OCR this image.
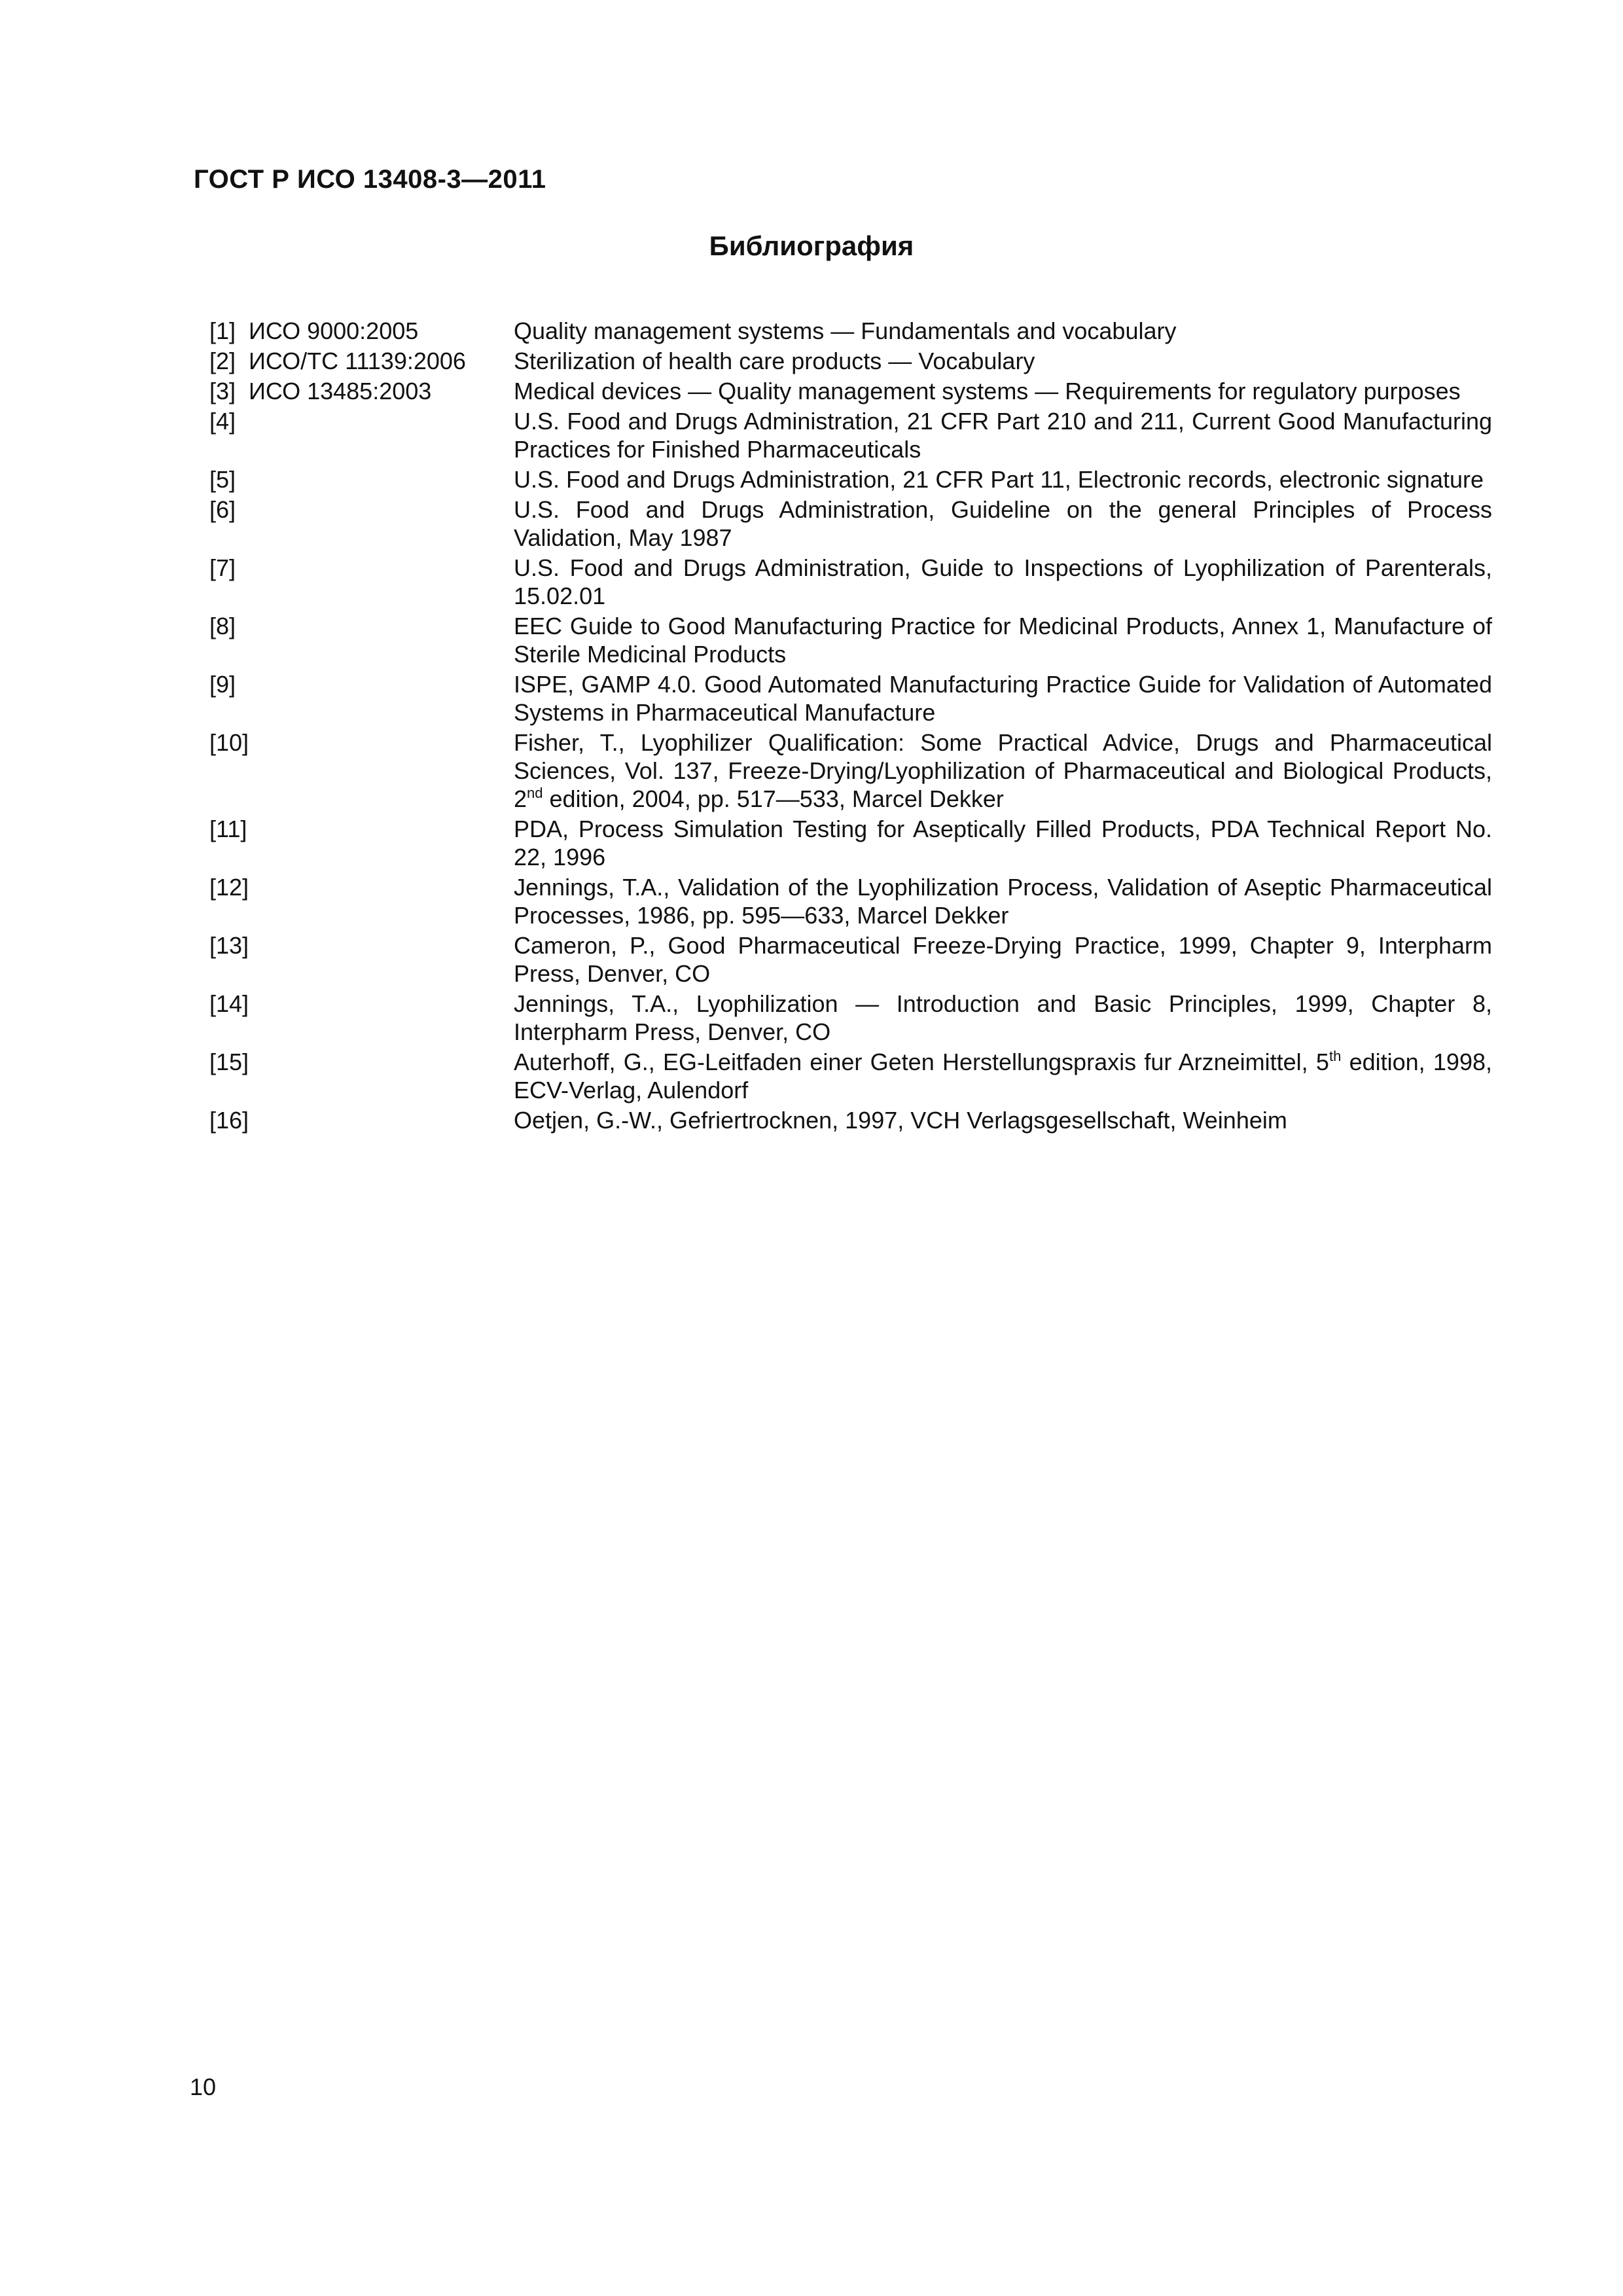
ГОСТ Р ИСО 13408-3—2011
Библиография
[1] ИСО 9000:2005	Quality management systems — Fundamentals and vocabulary
[2] ИСО/ТС 11139:2006	Sterilization of health care products — Vocabulary
[3] ИСО 13485:2003	Medical devices — Quality management systems — Requirements for regulatory purposes
[4]	U.S. Food and Drugs Administration, 21 CFR Part 210 and 211, Current Good Manufacturing Practices for Finished Pharmaceuticals
[5]	U.S. Food and Drugs Administration, 21 CFR Part 11, Electronic records, electronic signature
[6]	U.S. Food and Drugs Administration, Guideline on the general Principles of Process Validation, May 1987
[7]	U.S. Food and Drugs Administration, Guide to Inspections of Lyophilization of Parenterals, 15.02.01
[8]	EEC Guide to Good Manufacturing Practice for Medicinal Products, Annex 1, Manufacture of Sterile Medicinal Products
[9]	ISPE, GAMP 4.0. Good Automated Manufacturing Practice Guide for Validation of Automated Systems in Pharmaceutical Manufacture
[10]	Fisher, T., Lyophilizer Qualification: Some Practical Advice, Drugs and Pharmaceutical Sciences, Vol. 137, Freeze-Drying/Lyophilization of Pharmaceutical and Biological Products, 2nd edition, 2004, pp. 517—533, Marcel Dekker
[11]	PDA, Process Simulation Testing for Aseptically Filled Products, PDA Technical Report No. 22, 1996
[12]	Jennings, T.A., Validation of the Lyophilization Process, Validation of Aseptic Pharmaceutical Processes, 1986, pp. 595—633, Marcel Dekker
[13]	Cameron, P., Good Pharmaceutical Freeze-Drying Practice, 1999, Chapter 9, Interpharm Press, Denver, CO
[14]	Jennings, T.A., Lyophilization — Introduction and Basic Principles, 1999, Chapter 8, Interpharm Press, Denver, CO
[15]	Auterhoff, G., EG-Leitfaden einer Geten Herstellungspraxis fur Arzneimittel, 5th edition, 1998, ECV-Verlag, Aulendorf
[16]	Oetjen, G.-W., Gefriertrocknen, 1997, VCH Verlagsgesellschaft, Weinheim

10
